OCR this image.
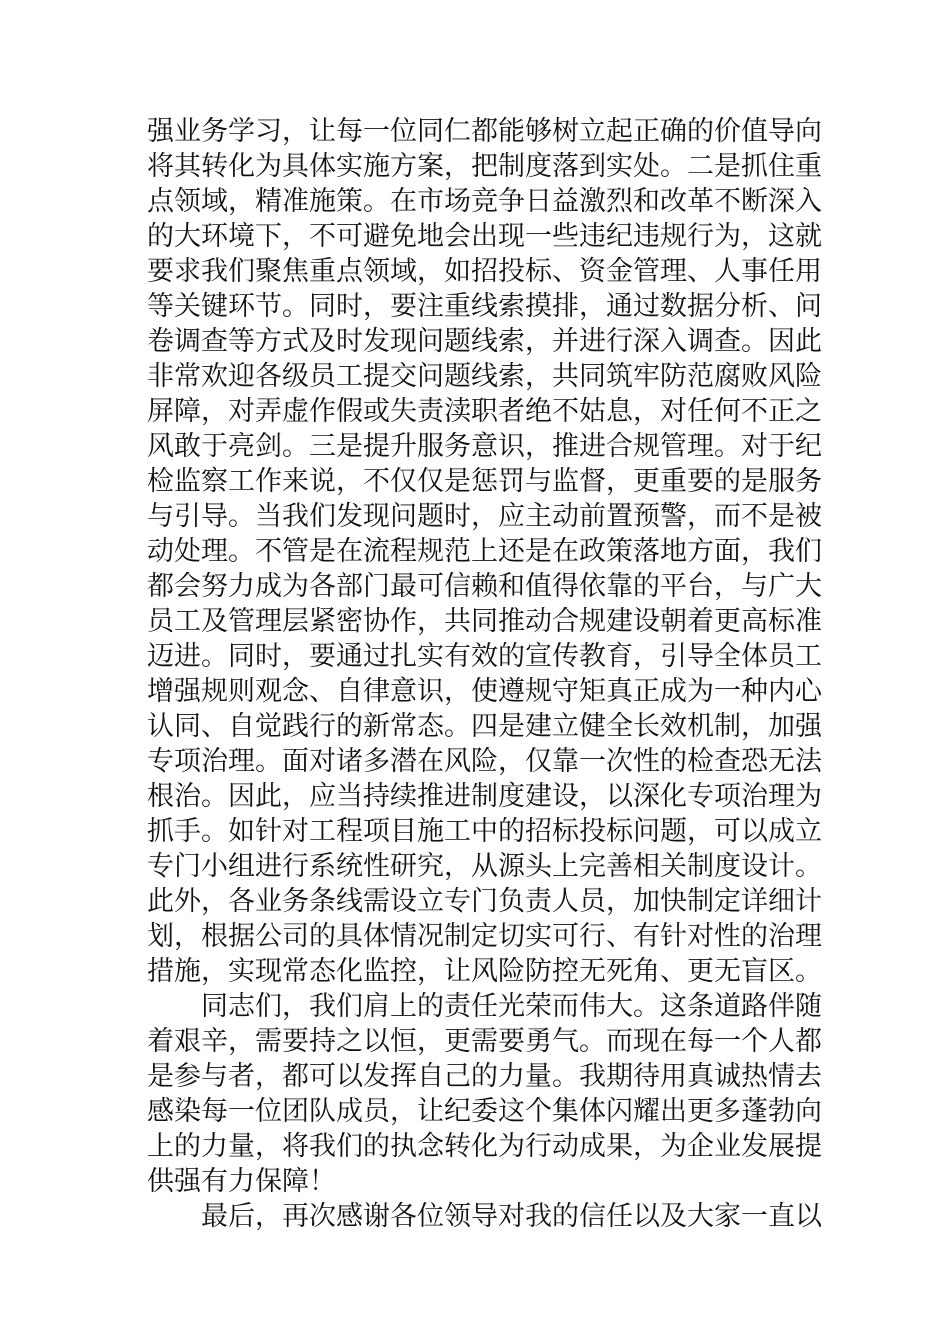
强业务学习，让每一位同仁都能够树立起正确的价值导向
将其转化为具体实施方案，把制度落到实处。二是抓住重
点领域，精准施策。在市场竞争日益激烈和改革不断深入
的大环境下，不可避免地会出现一些违纪违规行为，这就
要求我们聚焦重点领域，如招投标、资金管理、人事任用
等关键环节。同时，要注重线索摸排，通过数据分析、问
卷调查等方式及时发现问题线索，并进行深入调查。因此
非常欢迎各级员工提交问题线索，共同筑牢防范腐败风险
屏障，对弄虚作假或失责渎职者绝不姑息，对任何不正之
风敢于亮剑。三是提升服务意识，推进合规管理。对于纪
检监察工作来说，不仅仅是惩罚与监督，更重要的是服务
与引导。当我们发现问题时，应主动前置预警，而不是被
动处理。不管是在流程规范上还是在政策落地方面，我们
都会努力成为各部门最可信赖和值得依靠的平台，与广大
员工及管理层紧密协作，共同推动合规建设朝着更高标准
迈进。同时，要通过扎实有效的宣传教育，引导全体员工
增强规则观念、自律意识，使遵规守矩真正成为一种内心
认同、自觉践行的新常态。四是建立健全长效机制，加强
专项治理。面对诸多潜在风险，仅靠一次性的检查恐无法
根治。因此，应当持续推进制度建设，以深化专项治理为
抓手。如针对工程项目施工中的招标投标问题，可以成立
专门小组进行系统性研究，从源头上完善相关制度设计。
此外，各业务条线需设立专门负责人员，加快制定详细计
划，根据公司的具体情况制定切实可行、有针对性的治理
措施，实现常态化监控，让风险防控无死角、更无盲区。
同志们，我们肩上的责任光荣而伟大。这条道路伴随
着艰辛，需要持之以恒，更需要勇气。而现在每一个人都
是参与者，都可以发挥自己的力量。我期待用真诚热情去
感染每一位团队成员，让纪委这个集体闪耀出更多蓬勃向
上的力量，将我们的执念转化为行动成果，为企业发展提
供强有力保障！
最后，再次感谢各位领导对我的信任以及大家一直以
